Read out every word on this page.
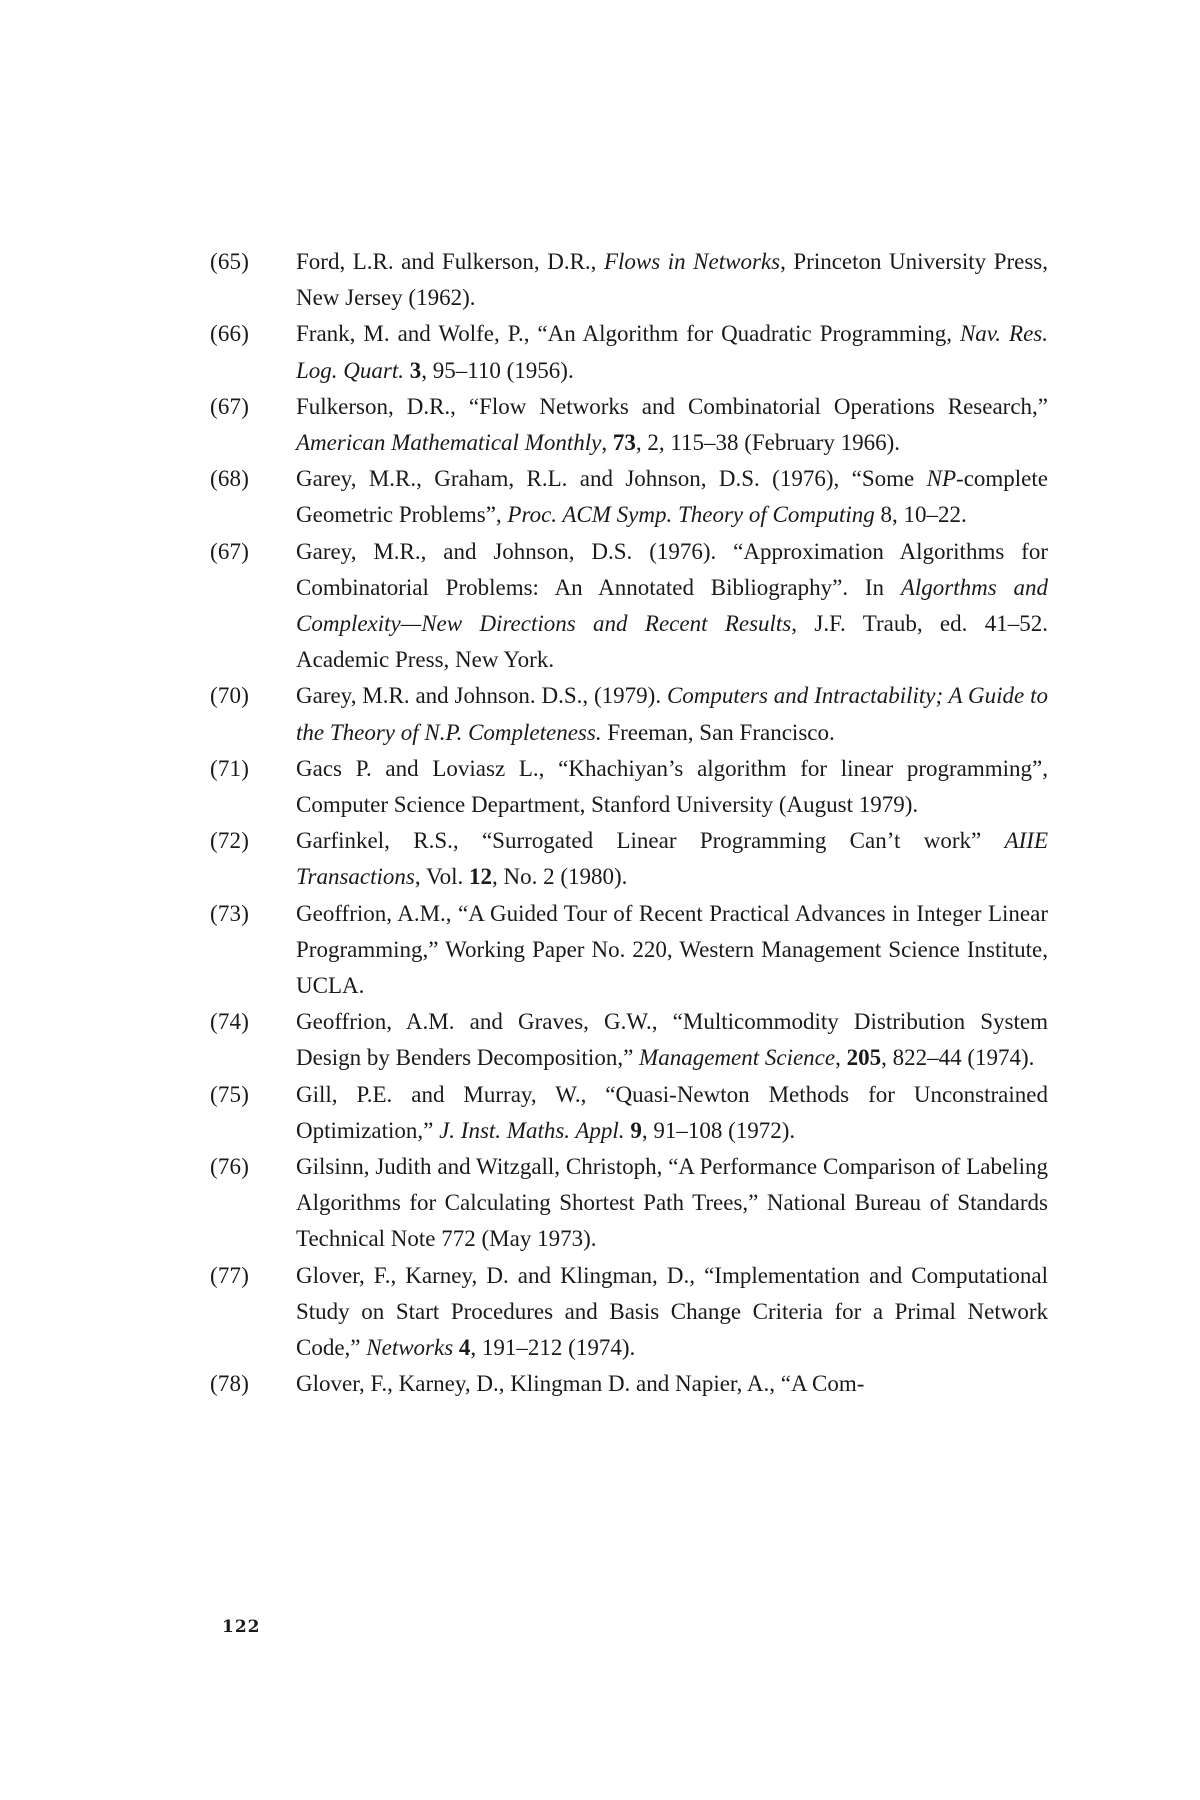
(65)	Ford, L.R. and Fulkerson, D.R., Flows in Networks, Princeton University Press, New Jersey (1962).
(66)	Frank, M. and Wolfe, P., “An Algorithm for Quadratic Programming, Nav. Res. Log. Quart. 3, 95–110 (1956).
(67)	Fulkerson, D.R., “Flow Networks and Combinatorial Operations Research,” American Mathematical Monthly, 73, 2, 115–38 (February 1966).
(68)	Garey, M.R., Graham, R.L. and Johnson, D.S. (1976), “Some NP-complete Geometric Problems”, Proc. ACM Symp. Theory of Computing 8, 10–22.
(67)	Garey, M.R., and Johnson, D.S. (1976). “Approximation Algorithms for Combinatorial Problems: An Annotated Bibliography”. In Algorthms and Complexity—New Directions and Recent Results, J.F. Traub, ed. 41–52. Academic Press, New York.
(70)	Garey, M.R. and Johnson. D.S., (1979). Computers and Intractability; A Guide to the Theory of N.P. Completeness. Freeman, San Francisco.
(71)	Gacs P. and Loviasz L., “Khachiyan’s algorithm for linear programming”, Computer Science Department, Stanford University (August 1979).
(72)	Garfinkel, R.S., “Surrogated Linear Programming Can’t work” AIIE Transactions, Vol. 12, No. 2 (1980).
(73)	Geoffrion, A.M., “A Guided Tour of Recent Practical Advances in Integer Linear Programming,” Working Paper No. 220, Western Management Science Institute, UCLA.
(74)	Geoffrion, A.M. and Graves, G.W., “Multicommodity Distribution System Design by Benders Decomposition,” Management Science, 205, 822–44 (1974).
(75)	Gill, P.E. and Murray, W., “Quasi-Newton Methods for Unconstrained Optimization,” J. Inst. Maths. Appl. 9, 91–108 (1972).
(76)	Gilsinn, Judith and Witzgall, Christoph, “A Performance Comparison of Labeling Algorithms for Calculating Shortest Path Trees,” National Bureau of Standards Technical Note 772 (May 1973).
(77)	Glover, F., Karney, D. and Klingman, D., “Implementation and Computational Study on Start Procedures and Basis Change Criteria for a Primal Network Code,” Networks 4, 191–212 (1974).
(78)	Glover, F., Karney, D., Klingman D. and Napier, A., “A Com-
122
